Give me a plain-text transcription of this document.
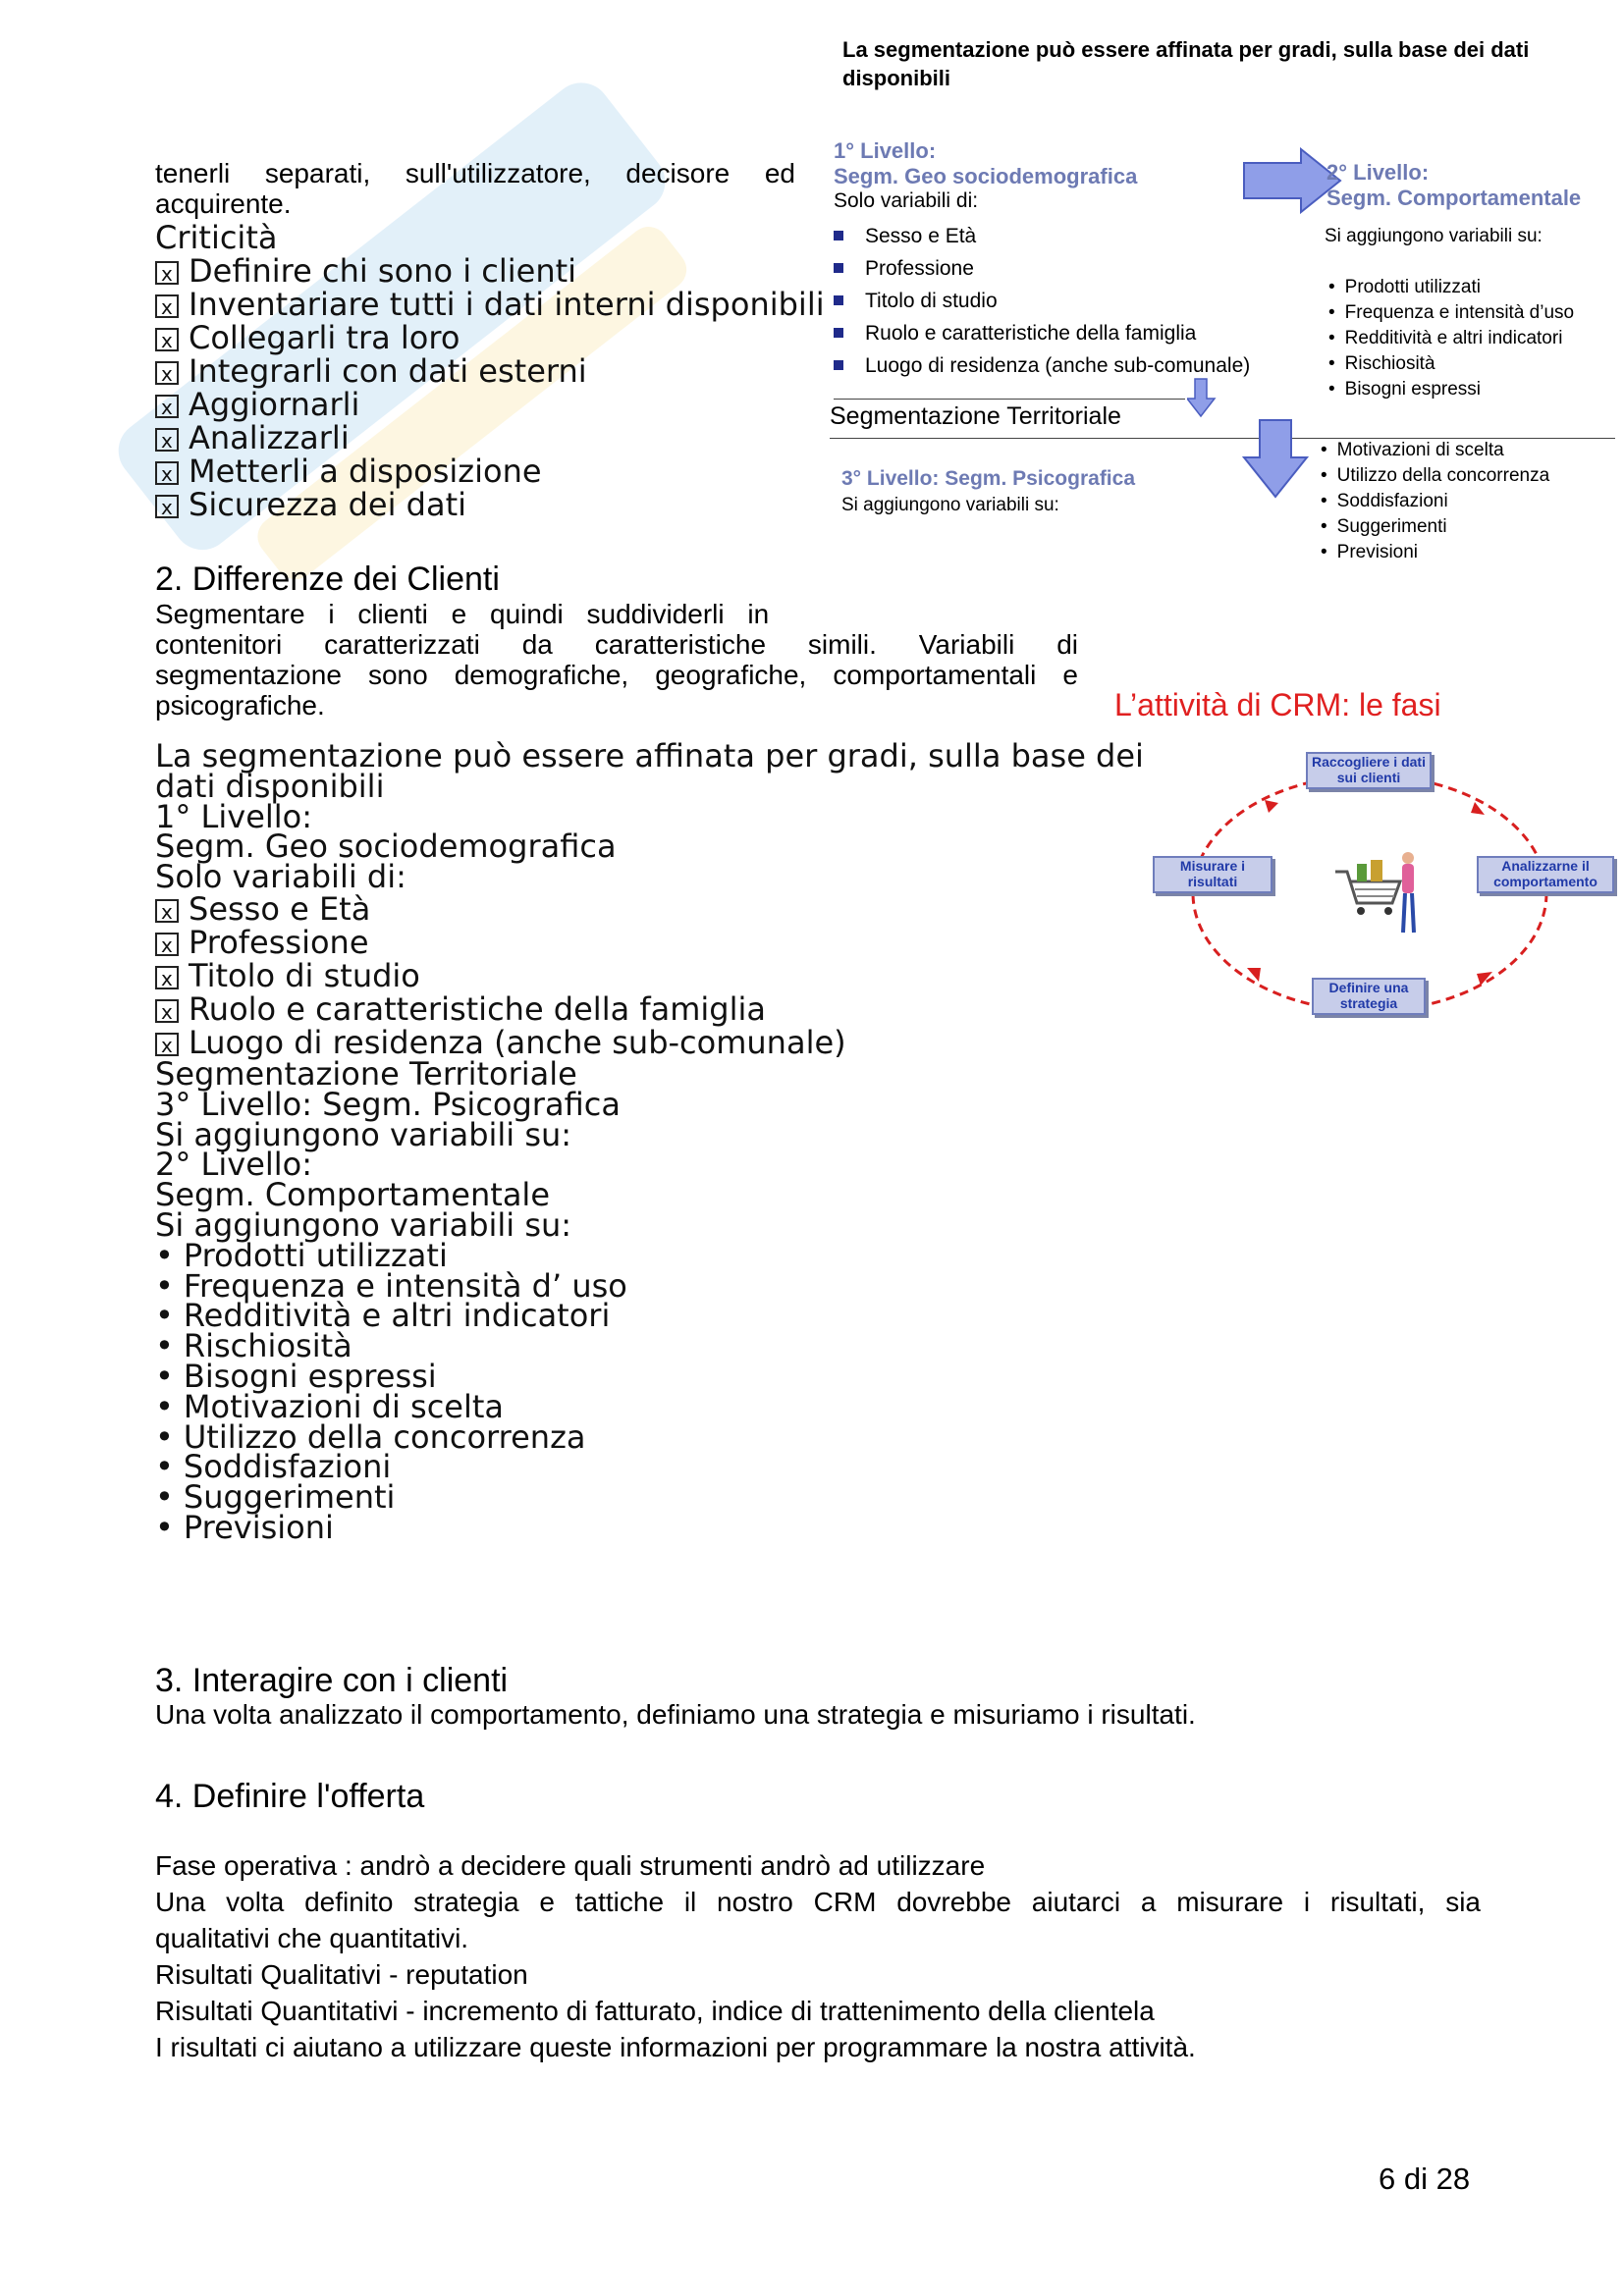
La segmentazione può essere affinata per gradi, sulla base dei dati disponibili
tenerli separati, sull'utilizzatore, decisore ed acquirente.
Criticità
xDefinire chi sono i clienti
xInventariare tutti i dati interni disponibili
xCollegarli tra loro
xIntegrarli con dati esterni
xAggiornarli
xAnalizzarli
xMetterli a disposizione
xSicurezza dei dati
1° Livello:
Segm. Geo sociodemografica
Solo variabili di:
Sesso e Età
Professione
Titolo di studio
Ruolo e caratteristiche della famiglia
Luogo di residenza (anche sub-comunale)
2° Livello:
Segm. Comportamentale
Si aggiungono variabili su:
• Prodotti utilizzati
• Frequenza e intensità d’uso
• Redditività e altri indicatori
• Rischiosità
• Bisogni espressi
Segmentazione Territoriale
3° Livello: Segm. Psicografica
Si aggiungono variabili su:
• Motivazioni di scelta
• Utilizzo della concorrenza
• Soddisfazioni
• Suggerimenti
• Previsioni
2. Differenze dei Clienti
Segmentare i clienti e quindi suddividerli in
contenitori caratterizzati da caratteristiche simili. Variabili di
segmentazione sono demografiche, geografiche, comportamentali e
psicografiche.
La segmentazione può essere affinata per gradi, sulla base dei
dati disponibili
1° Livello:
Segm. Geo sociodemografica
Solo variabili di:
xSesso e Età
xProfessione
xTitolo di studio
xRuolo e caratteristiche della famiglia
xLuogo di residenza (anche sub-comunale)
Segmentazione Territoriale
3° Livello: Segm. Psicografica
Si aggiungono variabili su:
2° Livello:
Segm. Comportamentale
Si aggiungono variabili su:
• Prodotti utilizzati
• Frequenza e intensità d’ uso
• Redditività e altri indicatori
• Rischiosità
• Bisogni espressi
• Motivazioni di scelta
• Utilizzo della concorrenza
• Soddisfazioni
• Suggerimenti
• Previsioni
L’attività di CRM: le fasi
Raccogliere i dati sui clienti
Analizzarne il comportamento
Definire una strategia
Misurare i risultati
3. Interagire con i clienti
Una volta analizzato il comportamento, definiamo una strategia e misuriamo i risultati.
4. Definire l'offerta
Fase operativa : andrò a decidere quali strumenti andrò ad utilizzare
Una volta definito strategia e tattiche il nostro CRM dovrebbe aiutarci a misurare i risultati, sia
qualitativi che quantitativi.
Risultati Qualitativi - reputation
Risultati Quantitativi - incremento di fatturato, indice di trattenimento della clientela
I risultati ci aiutano a utilizzare queste informazioni per programmare la nostra attività.
6 di 28
